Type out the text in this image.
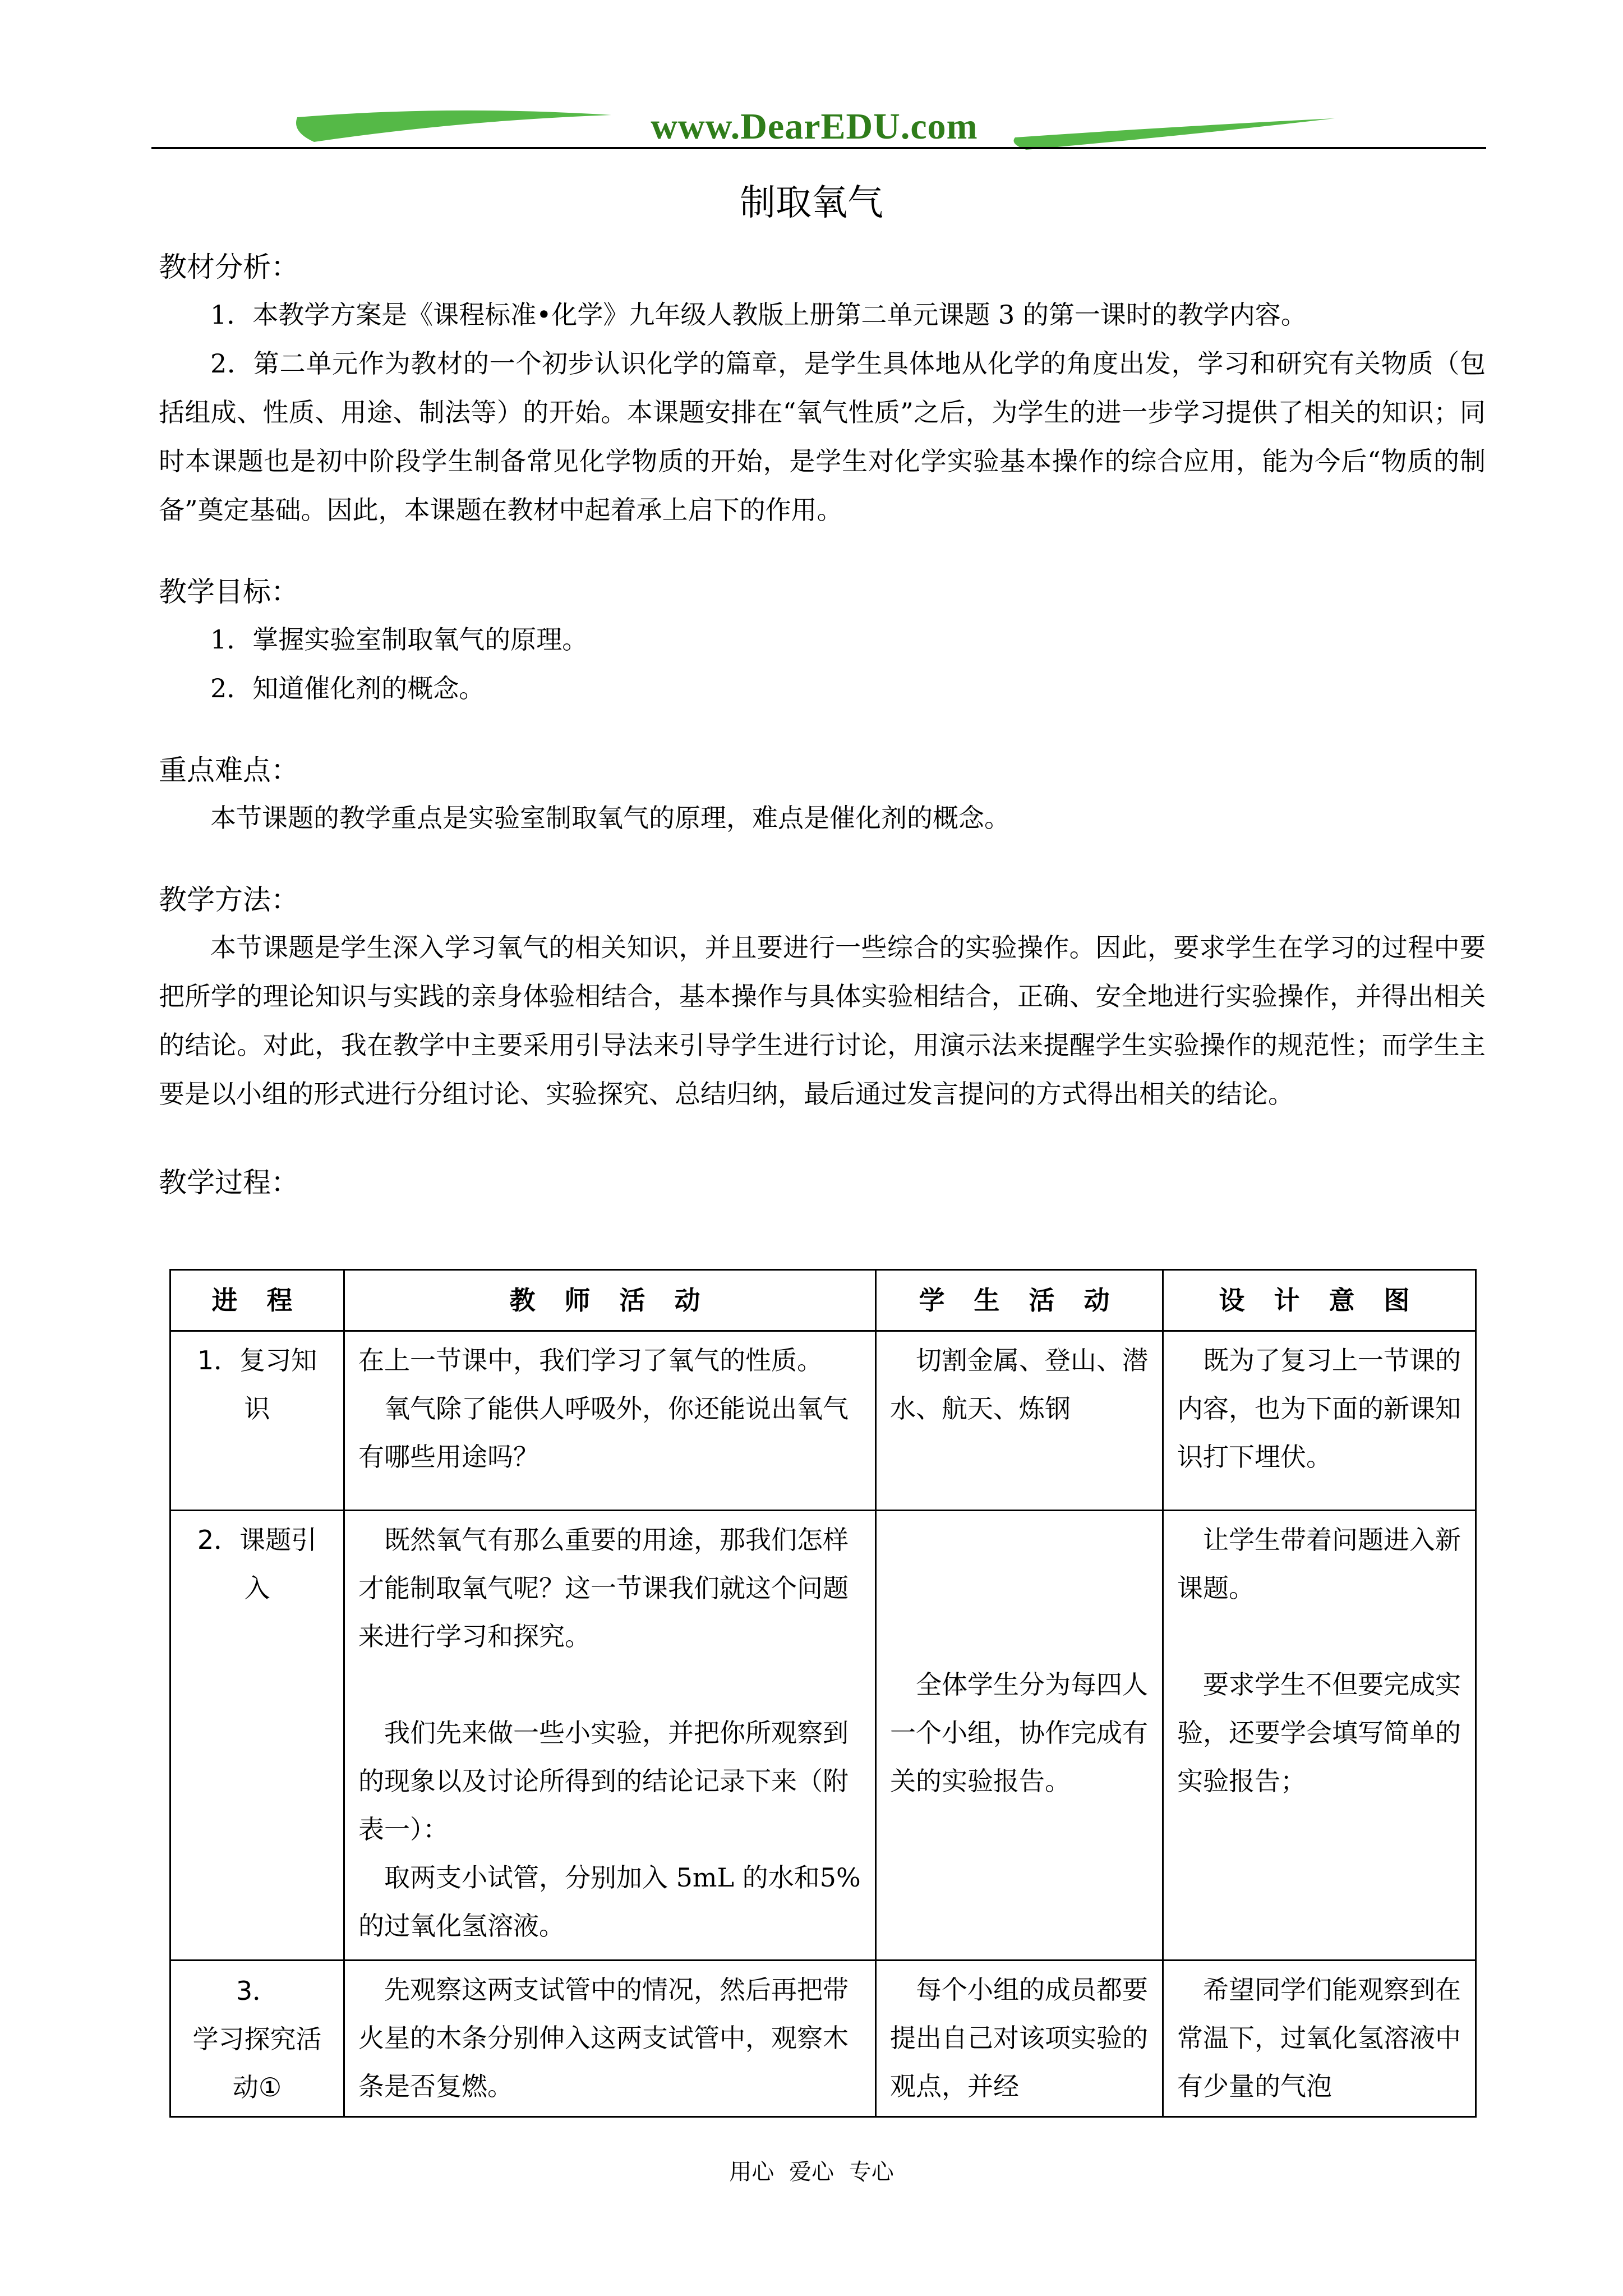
www.DearEDU.com
制取氧气
教材分析：

1．本教学方案是《课程标准•化学》九年级人教版上册第二单元课题 3 的第一课时的教学内容。

2．第二单元作为教材的一个初步认识化学的篇章，是学生具体地从化学的角度出发，学习和研究有关物质（包括组成、性质、用途、制法等）的开始。本课题安排在“氧气性质”之后，为学生的进一步学习提供了相关的知识；同时本课题也是初中阶段学生制备常见化学物质的开始，是学生对化学实验基本操作的综合应用，能为今后“物质的制备”奠定基础。因此，本课题在教材中起着承上启下的作用。

教学目标：

1．掌握实验室制取氧气的原理。

2．知道催化剂的概念。

重点难点：

本节课题的教学重点是实验室制取氧气的原理，难点是催化剂的概念。

教学方法：

本节课题是学生深入学习氧气的相关知识，并且要进行一些综合的实验操作。因此，要求学生在学习的过程中要把所学的理论知识与实践的亲身体验相结合，基本操作与具体实验相结合，正确、安全地进行实验操作，并得出相关的结论。对此，我在教学中主要采用引导法来引导学生进行讨论，用演示法来提醒学生实验操作的规范性；而学生主要是以小组的形式进行分组讨论、实验探究、总结归纳，最后通过发言提问的方式得出相关的结论。

教学过程：
进 程	教 师 活 动	学 生 活 动	设 计 意 图
1．复习知识	在上一节课中，我们学习了氧气的性质。
氧气除了能供人呼吸外，你还能说出氧气有哪些用途吗？	切割金属、登山、潜水、航天、炼钢	既为了复习上一节课的内容，也为下面的新课知识打下埋伏。

2．课题引入	既然氧气有那么重要的用途，那我们怎样才能制取氧气呢？这一节课我们就这个问题来进行学习和探究。
我们先来做一些小实验，并把你所观察到的现象以及讨论所得到的结论记录下来（附表一）：
取两支小试管，分别加入 5mL 的水和5%的过氧化氢溶液。	全体学生分为每四人一个小组，协作完成有关的实验报告。	让学生带着问题进入新课题。
要求学生不但要完成实验，还要学会填写简单的实验报告；

3．
学习探究活动①	先观察这两支试管中的情况，然后再把带火星的木条分别伸入这两支试管中，观察木条是否复燃。	每个小组的成员都要提出自己对该项实验的观点，并经	希望同学们能观察到在常温下，过氧化氢溶液中有少量的气泡
用心 爱心 专心
